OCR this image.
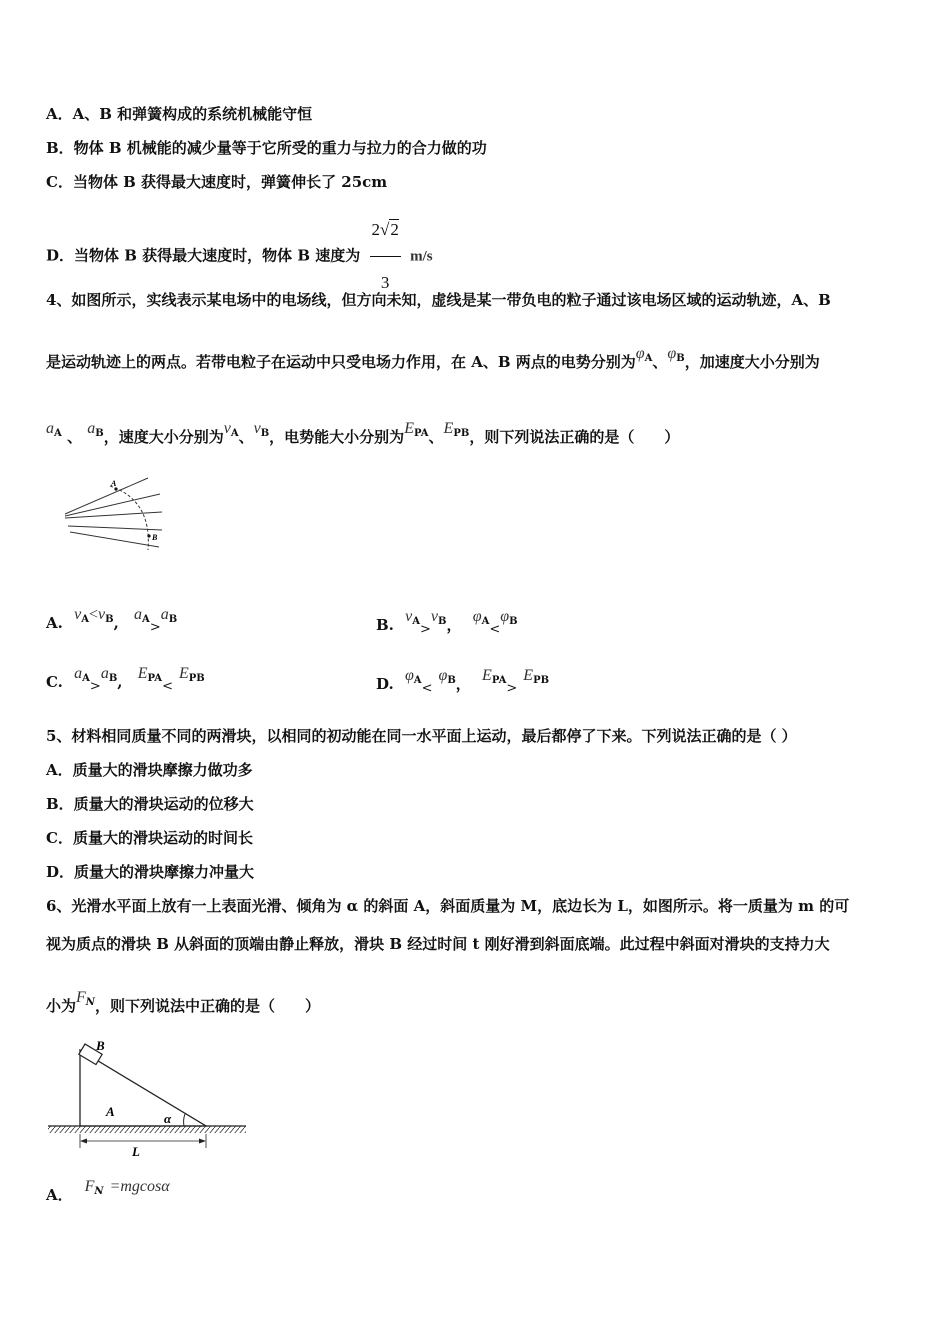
A．A、B 和弹簧构成的系统机械能守恒
B．物体 B 机械能的减少量等于它所受的重力与拉力的合力做的功
C．当物体 B 获得最大速度时，弹簧伸长了 25cm
D．当物体 B 获得最大速度时，物体 B 速度为 $\frac{2√2}{3} m/s$
4、如图所示，实线表示某电场中的电场线，但方向未知，虚线是某一带负电的粒子通过该电场区域的运动轨迹，A、B
是运动轨迹上的两点。若带电粒子在运动中只受电场力作用，在 A、B 两点的电势分别为$\varphi_A$、$\varphi_B$，加速度大小分别为
$a_A$ 、 $a_B$，速度大小分别为$v_A$、$v_B$，电势能大小分别为$E_{PA}$、$E_{PB}$，则下列说法正确的是（　　）
A
B
A. $v_A<v_B$, $a_A>a_B$	B. $v_A>v_B$， $\varphi_A<\varphi_B$
C. $a_A>a_B$, $E_{PA}<E_{PB}$	D. $\varphi_A<\varphi_B$， $E_{PA}>E_{PB}$
5、材料相同质量不同的两滑块，以相同的初动能在同一水平面上运动，最后都停了下来。下列说法正确的是（ ）
A．质量大的滑块摩擦力做功多
B．质量大的滑块运动的位移大
C．质量大的滑块运动的时间长
D．质量大的滑块摩擦力冲量大
6、光滑水平面上放有一上表面光滑、倾角为 α 的斜面 A，斜面质量为 M，底边长为 L，如图所示。将一质量为 m 的可
视为质点的滑块 B 从斜面的顶端由静止释放，滑块 B 经过时间 t 刚好滑到斜面底端。此过程中斜面对滑块的支持力大
小为$F_N$，则下列说法中正确的是（　　）
B
A	α
L
A． $F_N =mgcos\alpha$
